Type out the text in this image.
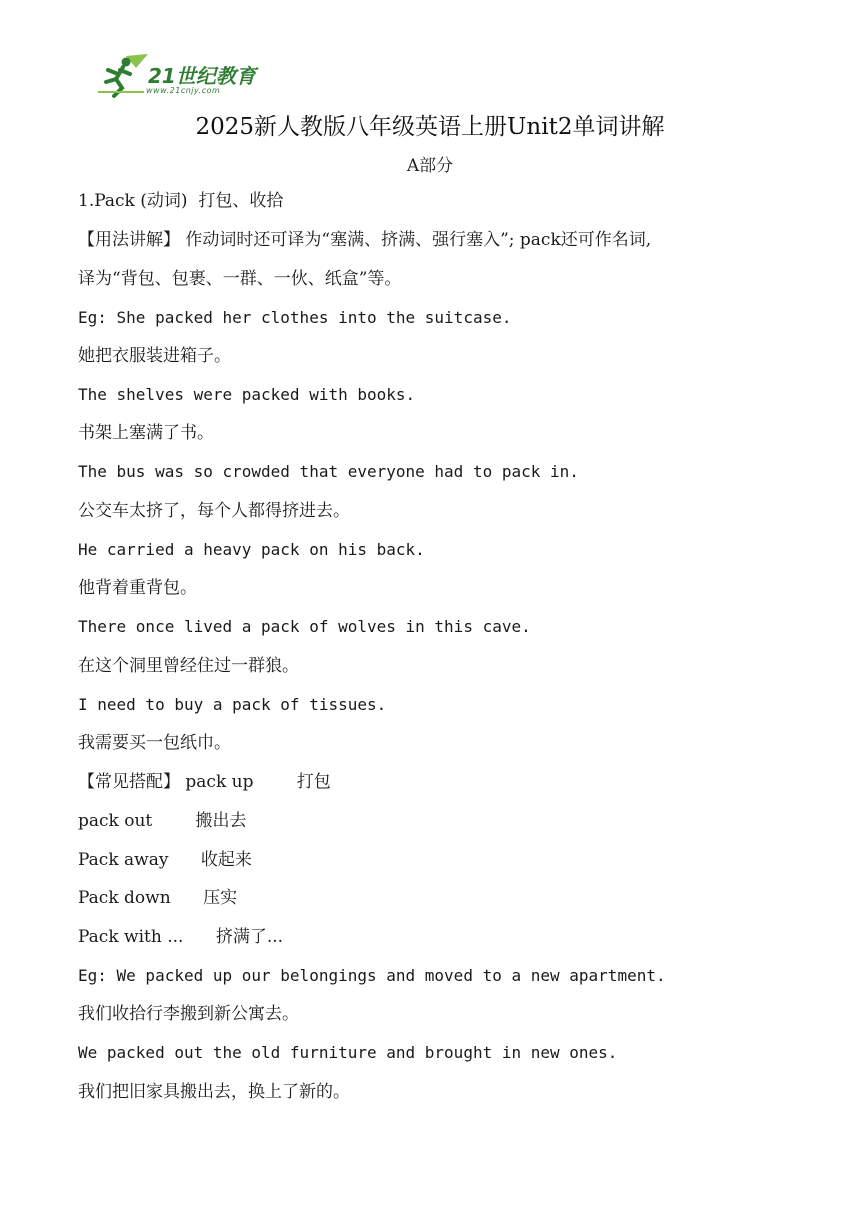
21世纪教育
www.21cnjy.com
2025新人教版八年级英语上册Unit2单词讲解
A部分
1.Pack (动词)  打包、收拾
【用法讲解】 作动词时还可译为“塞满、挤满、强行塞入”; pack还可作名词,
译为“背包、包裹、一群、一伙、纸盒”等。
Eg: She packed her clothes into the suitcase.
她把衣服装进箱子。
The shelves were packed with books.
书架上塞满了书。
The bus was so crowded that everyone had to pack in.
公交车太挤了，每个人都得挤进去。
He carried a heavy pack on his back.
他背着重背包。
There once lived a pack of wolves in this cave.
在这个洞里曾经住过一群狼。
I need to buy a pack of tissues.
我需要买一包纸巾。
【常见搭配】 pack up        打包
pack out        搬出去
Pack away      收起来
Pack down      压实
Pack with ...      挤满了...
Eg: We packed up our belongings and moved to a new apartment.
我们收拾行李搬到新公寓去。
We packed out the old furniture and brought in new ones.
我们把旧家具搬出去，换上了新的。
